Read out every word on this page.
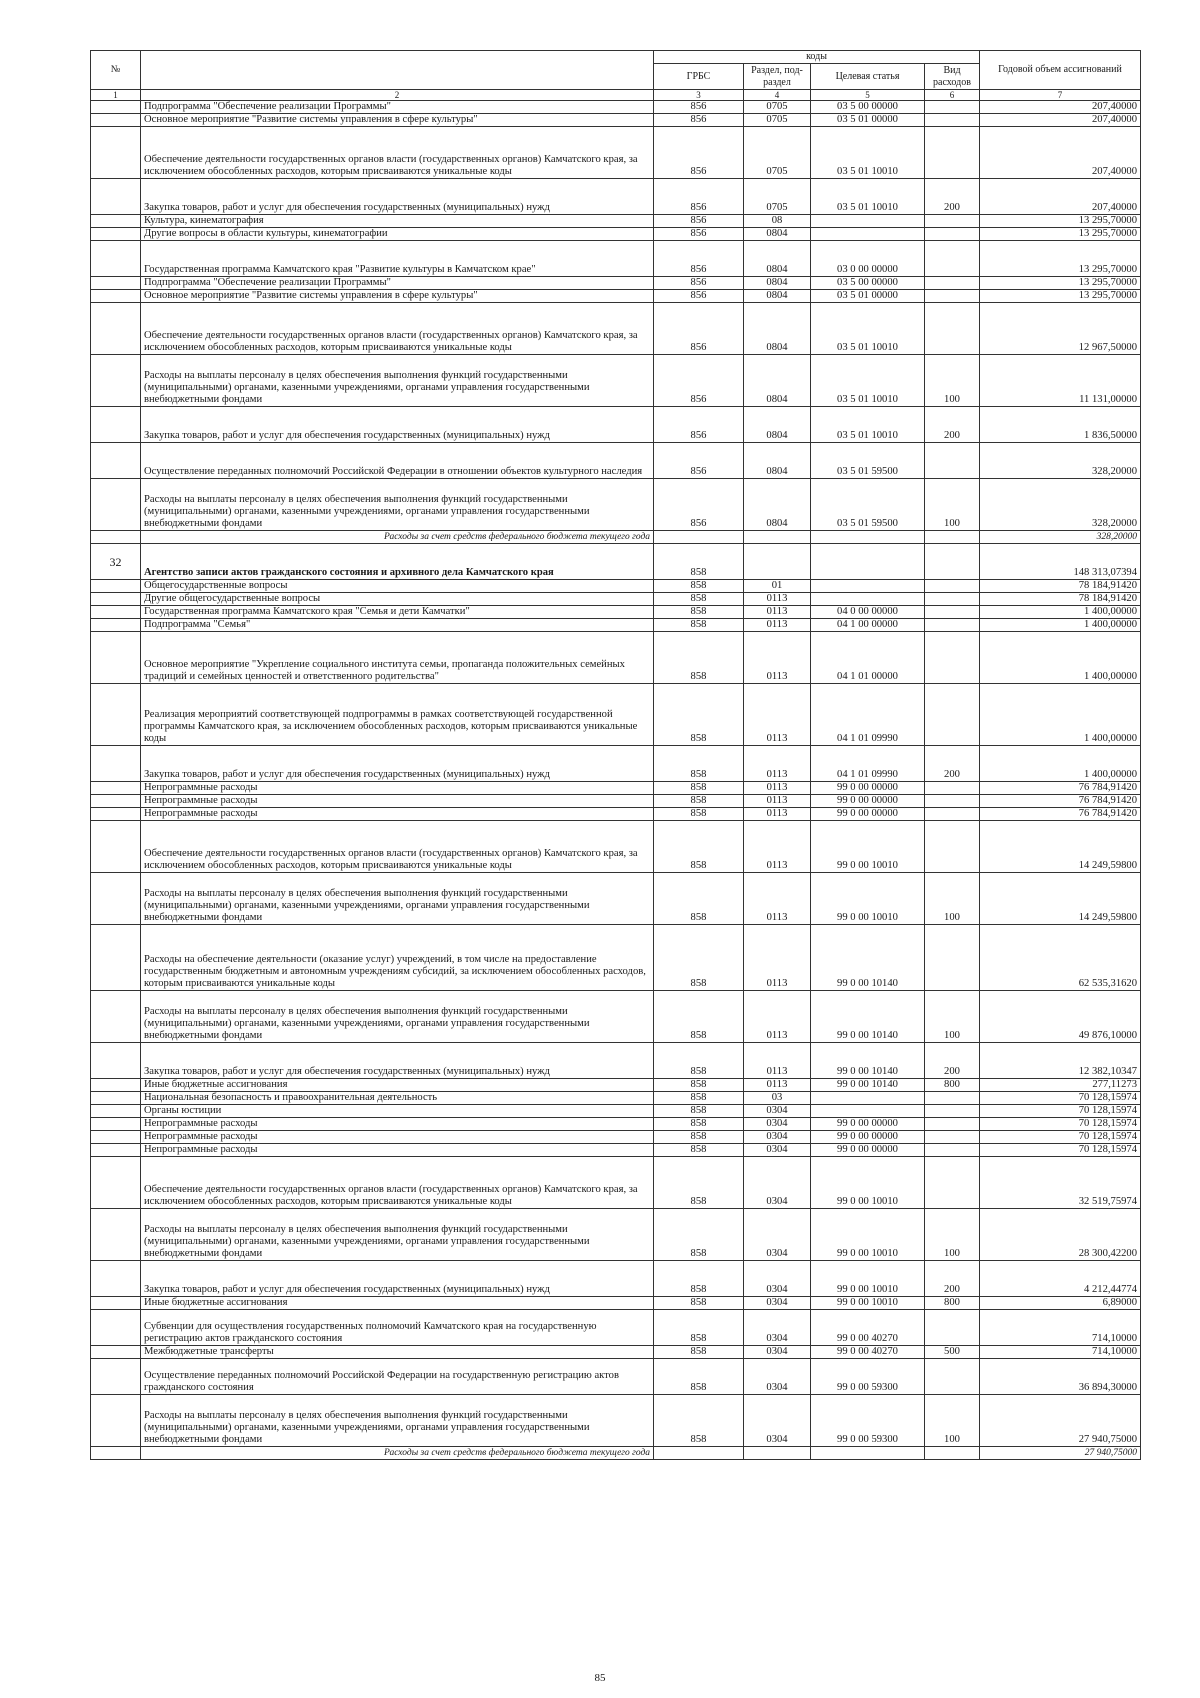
№		коды				Годовой объем ассигнований
		ГРБС	Раздел, под-раздел	Целевая статья	Вид расходов	
1	2	3	4	5	6	7
	Подпрограмма "Обеспечение реализации Программы"	856	0705	03 5 00 00000		207,40000
	Основное мероприятие "Развитие системы управления в сфере культуры"	856	0705	03 5 01 00000		207,40000
	Обеспечение деятельности государственных органов власти (государственных органов) Камчатского края, за исключением обособленных расходов, которым присваиваются уникальные коды	856	0705	03 5 01 10010		207,40000
	Закупка товаров, работ и услуг для обеспечения государственных (муниципальных) нужд	856	0705	03 5 01 10010	200	207,40000
	Культура, кинематография	856	08			13 295,70000
	Другие вопросы в области культуры, кинематографии	856	0804			13 295,70000
	Государственная программа Камчатского края "Развитие культуры в Камчатском крае"	856	0804	03 0 00 00000		13 295,70000
	Подпрограмма "Обеспечение реализации Программы"	856	0804	03 5 00 00000		13 295,70000
	Основное мероприятие "Развитие системы управления в сфере культуры"	856	0804	03 5 01 00000		13 295,70000
	Обеспечение деятельности государственных органов власти (государственных органов) Камчатского края, за исключением обособленных расходов, которым присваиваются уникальные коды	856	0804	03 5 01 10010		12 967,50000
	Расходы на выплаты персоналу в целях обеспечения выполнения функций государственными (муниципальными) органами, казенными учреждениями, органами управления государственными внебюджетными фондами	856	0804	03 5 01 10010	100	11 131,00000
	Закупка товаров, работ и услуг для обеспечения государственных (муниципальных) нужд	856	0804	03 5 01 10010	200	1 836,50000
	Осуществление переданных полномочий Российской Федерации в отношении объектов культурного наследия	856	0804	03 5 01 59500		328,20000
	Расходы на выплаты персоналу в целях обеспечения выполнения функций государственными (муниципальными) органами, казенными учреждениями, органами управления государственными внебюджетными фондами	856	0804	03 5 01 59500	100	328,20000
	Расходы за счет средств федерального бюджета текущего года					328,20000
32	Агентство записи актов гражданского состояния и архивного дела Камчатского края	858				148 313,07394
	Общегосударственные вопросы	858	01			78 184,91420
	Другие общегосударственные вопросы	858	0113			78 184,91420
	Государственная программа Камчатского края "Семья и дети Камчатки"	858	0113	04 0 00 00000		1 400,00000
	Подпрограмма "Семья"	858	0113	04 1 00 00000		1 400,00000
	Основное мероприятие "Укрепление социального института семьи, пропаганда положительных семейных традиций и семейных ценностей и ответственного родительства"	858	0113	04 1 01 00000		1 400,00000
	Реализация мероприятий соответствующей подпрограммы в рамках соответствующей государственной программы Камчатского края, за исключением обособленных расходов, которым присваиваются уникальные коды	858	0113	04 1 01 09990		1 400,00000
	Закупка товаров, работ и услуг для обеспечения государственных (муниципальных) нужд	858	0113	04 1 01 09990	200	1 400,00000
	Непрограммные расходы	858	0113	99 0 00 00000		76 784,91420
	Непрограммные расходы	858	0113	99 0 00 00000		76 784,91420
	Непрограммные расходы	858	0113	99 0 00 00000		76 784,91420
	Обеспечение деятельности государственных органов власти (государственных органов) Камчатского края, за исключением обособленных расходов, которым присваиваются уникальные коды	858	0113	99 0 00 10010		14 249,59800
	Расходы на выплаты персоналу в целях обеспечения выполнения функций государственными (муниципальными) органами, казенными учреждениями, органами управления государственными внебюджетными фондами	858	0113	99 0 00 10010	100	14 249,59800
	Расходы на обеспечение деятельности (оказание услуг) учреждений, в том числе на предоставление государственным бюджетным и автономным учреждениям субсидий, за исключением обособленных расходов, которым присваиваются уникальные коды	858	0113	99 0 00 10140		62 535,31620
	Расходы на выплаты персоналу в целях обеспечения выполнения функций государственными (муниципальными) органами, казенными учреждениями, органами управления государственными внебюджетными фондами	858	0113	99 0 00 10140	100	49 876,10000
	Закупка товаров, работ и услуг для обеспечения государственных (муниципальных) нужд	858	0113	99 0 00 10140	200	12 382,10347
	Иные бюджетные ассигнования	858	0113	99 0 00 10140	800	277,11273
	Национальная безопасность и правоохранительная деятельность	858	03			70 128,15974
	Органы юстиции	858	0304			70 128,15974
	Непрограммные расходы	858	0304	99 0 00 00000		70 128,15974
	Непрограммные расходы	858	0304	99 0 00 00000		70 128,15974
	Непрограммные расходы	858	0304	99 0 00 00000		70 128,15974
	Обеспечение деятельности государственных органов власти (государственных органов) Камчатского края, за исключением обособленных расходов, которым присваиваются уникальные коды	858	0304	99 0 00 10010		32 519,75974
	Расходы на выплаты персоналу в целях обеспечения выполнения функций государственными (муниципальными) органами, казенными учреждениями, органами управления государственными внебюджетными фондами	858	0304	99 0 00 10010	100	28 300,42200
	Закупка товаров, работ и услуг для обеспечения государственных (муниципальных) нужд	858	0304	99 0 00 10010	200	4 212,44774
	Иные бюджетные ассигнования	858	0304	99 0 00 10010	800	6,89000
	Субвенции для осуществления государственных полномочий Камчатского края на государственную регистрацию актов гражданского состояния	858	0304	99 0 00 40270		714,10000
	Межбюджетные трансферты	858	0304	99 0 00 40270	500	714,10000
	Осуществление переданных полномочий Российской Федерации на государственную регистрацию актов гражданского состояния	858	0304	99 0 00 59300		36 894,30000
	Расходы на выплаты персоналу в целях обеспечения выполнения функций государственными (муниципальными) органами, казенными учреждениями, органами управления государственными внебюджетными фондами	858	0304	99 0 00 59300	100	27 940,75000
	Расходы за счет средств федерального бюджета текущего года					27 940,75000
85
